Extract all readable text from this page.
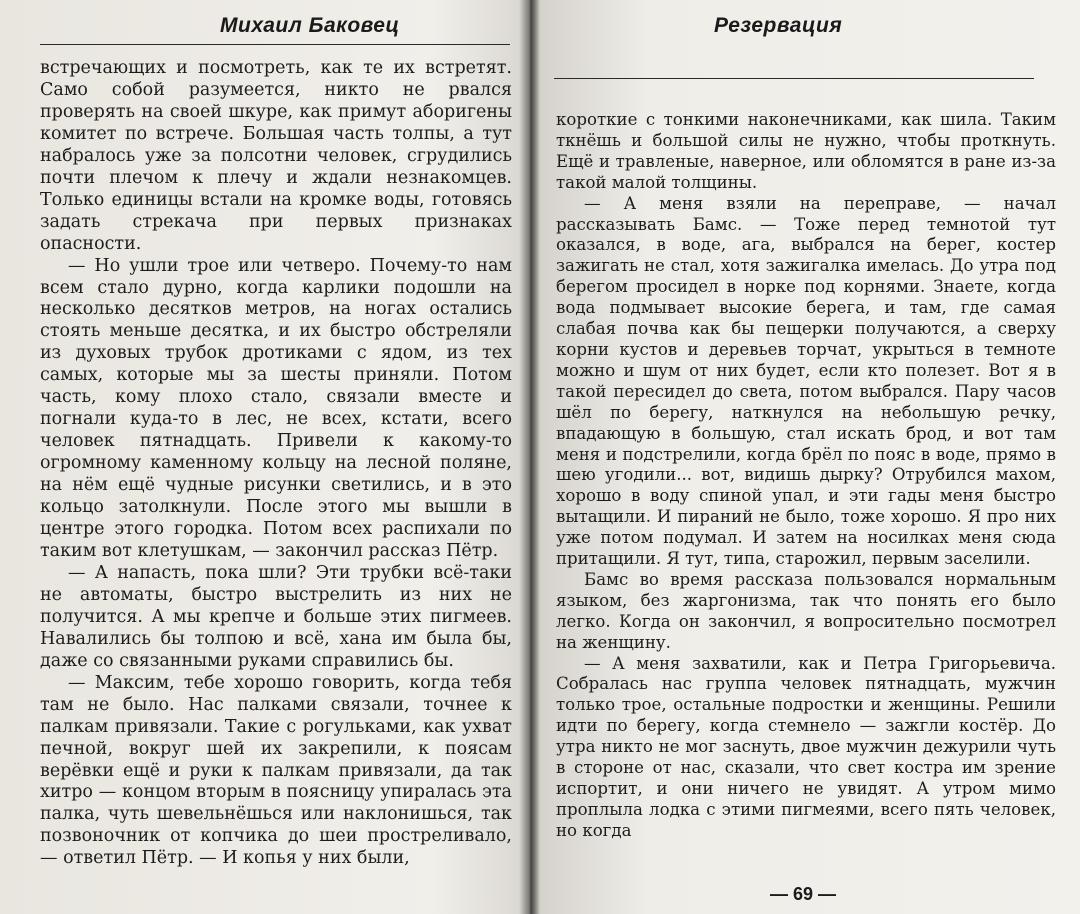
Михаил Баковец

встречающих и посмотреть, как те их встретят. Само собой разумеется, никто не рвался проверять на своей шкуре, как примут аборигены комитет по встрече. Большая часть толпы, а тут набралось уже за полсотни человек, сгрудились почти плечом к плечу и ждали незнакомцев. Только единицы встали на кромке воды, готовясь задать стрекача при первых признаках опасности.

— Но ушли трое или четверо. Почему-то нам всем стало дурно, когда карлики подошли на несколько десятков метров, на ногах остались стоять меньше десятка, и их быстро обстреляли из духовых трубок дротиками с ядом, из тех самых, которые мы за шесты приняли. Потом часть, кому плохо стало, связали вместе и погнали куда-то в лес, не всех, кстати, всего человек пятнадцать. Привели к какому-то огромному каменному кольцу на лесной поляне, на нём ещё чудные рисунки светились, и в это кольцо затолкнули. После этого мы вышли в центре этого городка. Потом всех распихали по таким вот клетушкам, — закончил рассказ Пётр.

— А напасть, пока шли? Эти трубки всё-таки не автоматы, быстро выстрелить из них не получится. А мы крепче и больше этих пигмеев. Навалились бы толпою и всё, хана им была бы, даже со связанными руками справились бы.

— Максим, тебе хорошо говорить, когда тебя там не было. Нас палками связали, точнее к палкам привязали. Такие с рогульками, как ухват печной, вокруг шей их закрепили, к поясам верёвки ещё и руки к палкам привязали, да так хитро — концом вторым в поясницу упиралась эта палка, чуть шевельнёшься или наклонишься, так позвоночник от копчика до шеи простреливало, — ответил Пётр. — И копья у них были,

Резервация

короткие с тонкими наконечниками, как шила. Таким ткнёшь и большой силы не нужно, чтобы проткнуть. Ещё и травленые, наверное, или обломятся в ране из-за такой малой толщины.

— А меня взяли на переправе, — начал рассказывать Бамс. — Тоже перед темнотой тут оказался, в воде, ага, выбрался на берег, костер зажигать не стал, хотя зажигалка имелась. До утра под берегом просидел в норке под корнями. Знаете, когда вода подмывает высокие берега, и там, где самая слабая почва как бы пещерки получаются, а сверху корни кустов и деревьев торчат, укрыться в темноте можно и шум от них будет, если кто полезет. Вот я в такой пересидел до света, потом выбрался. Пару часов шёл по берегу, наткнулся на небольшую речку, впадающую в большую, стал искать брод, и вот там меня и подстрелили, когда брёл по пояс в воде, прямо в шею угодили... вот, видишь дырку? Отрубился махом, хорошо в воду спиной упал, и эти гады меня быстро вытащили. И пираний не было, тоже хорошо. Я про них уже потом подумал. И затем на носилках меня сюда притащили. Я тут, типа, старожил, первым заселили.

Бамс во время рассказа пользовался нормальным языком, без жаргонизма, так что понять его было легко. Когда он закончил, я вопросительно посмотрел на женщину.

— А меня захватили, как и Петра Григорьевича. Собралась нас группа человек пятнадцать, мужчин только трое, остальные подростки и женщины. Решили идти по берегу, когда стемнело — зажгли костёр. До утра никто не мог заснуть, двое мужчин дежурили чуть в стороне от нас, сказали, что свет костра им зрение испортит, и они ничего не увидят. А утром мимо проплыла лодка с этими пигмеями, всего пять человек, но когда

— 69 —
